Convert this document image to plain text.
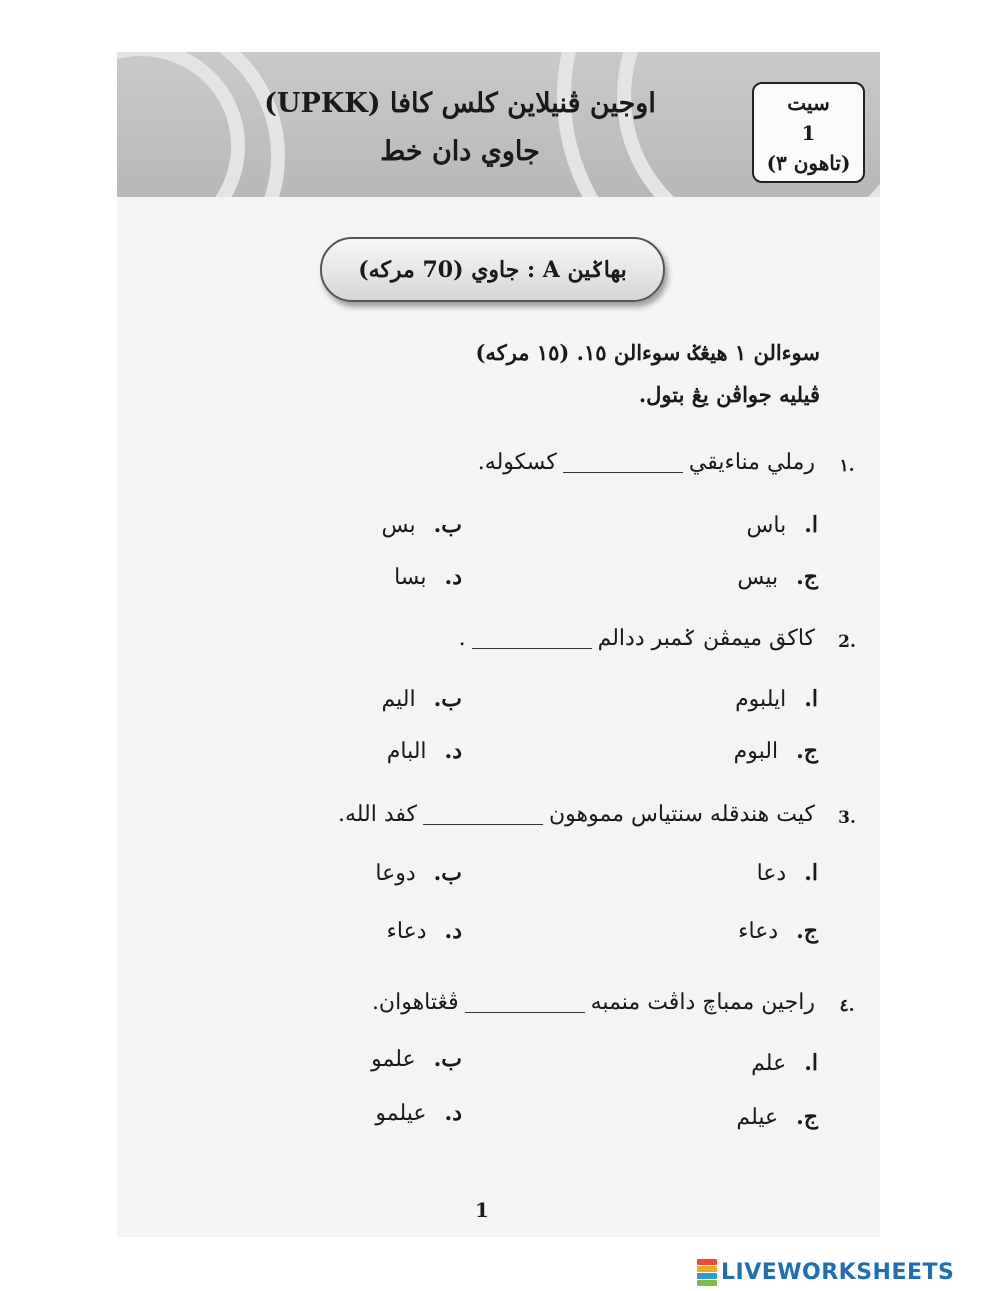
سيت
1
(تاهون ٣)
اوجين ڤنيلاين كلس كافا (UPKK)
جاوي دان خط
بهاݢين A : جاوي (70 مركه)
سوءالن ١ هيڠݢ سوءالن ١٥. (١٥ مركه)
ڤيليه جواڤن يڠ بتول.
١.
رملي مناءيقيكسكوله.
ا.باس
ب.بس
ج.بيس
د.بسا
2.
كاكق ميمڤن ݢمبر ددالم.
ا.ايلبوم
ب.اليم
ج.البوم
د.البام
3.
كيت هندقله سنتياس مموهونكفد الله.
ا.دعا
ب.دوعا
ج.دعاء
د.دعاء
٤.
راجين ممباچ داڤت منمبهڤڠتاهوان.
ا.علم
ب.علمو
ج.عيلم
د.عيلمو
1
LIVEWORKSHEETS
